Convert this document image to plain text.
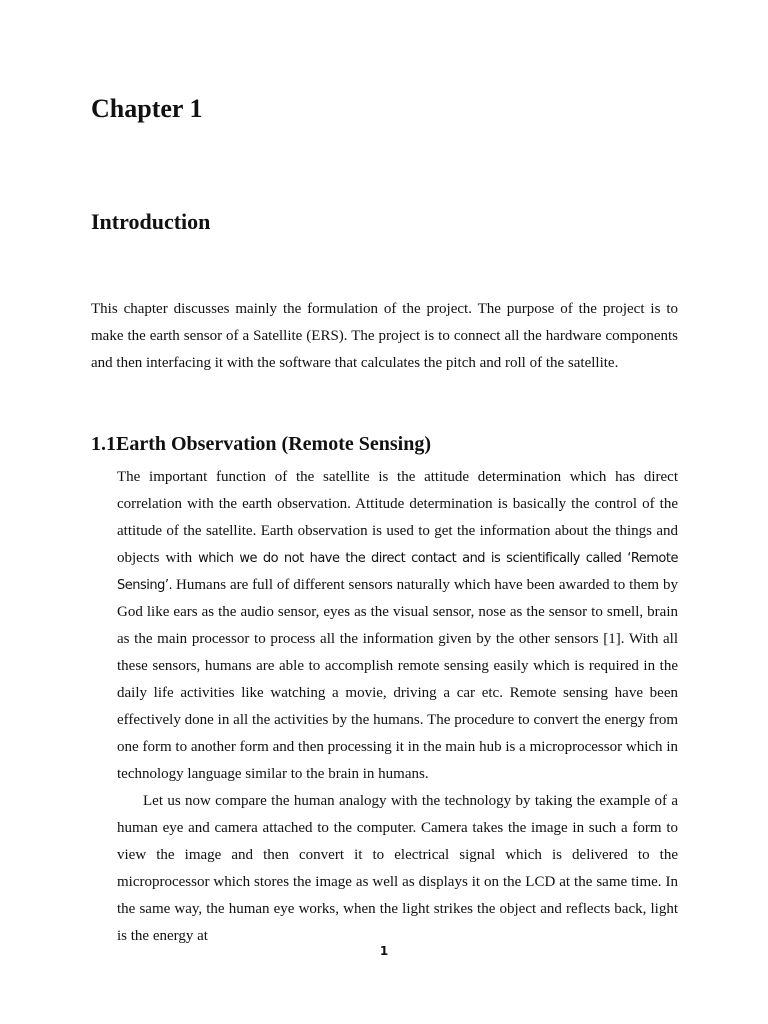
Chapter 1
Introduction

This chapter discusses mainly the formulation of the project. The purpose of the project is to make the earth sensor of a Satellite (ERS). The project is to connect all the hardware components and then interfacing it with the software that calculates the pitch and roll of the satellite.

1.1Earth Observation (Remote Sensing)

The important function of the satellite is the attitude determination which has direct correlation with the earth observation. Attitude determination is basically the control of the attitude of the satellite. Earth observation is used to get the information about the things and objects with which we do not have the direct contact and is scientifically called ‘Remote Sensing’. Humans are full of different sensors naturally which have been awarded to them by God like ears as the audio sensor, eyes as the visual sensor, nose as the sensor to smell, brain as the main processor to process all the information given by the other sensors [1]. With all these sensors, humans are able to accomplish remote sensing easily which is required in the daily life activities like watching a movie, driving a car etc. Remote sensing have been effectively done in all the activities by the humans. The procedure to convert the energy from one form to another form and then processing it in the main hub is a microprocessor which in technology language similar to the brain in humans.

Let us now compare the human analogy with the technology by taking the example of a human eye and camera attached to the computer. Camera takes the image in such a form to view the image and then convert it to electrical signal which is delivered to the microprocessor which stores the image as well as displays it on the LCD at the same time. In the same way, the human eye works, when the light strikes the object and reflects back, light is the energy at

1
